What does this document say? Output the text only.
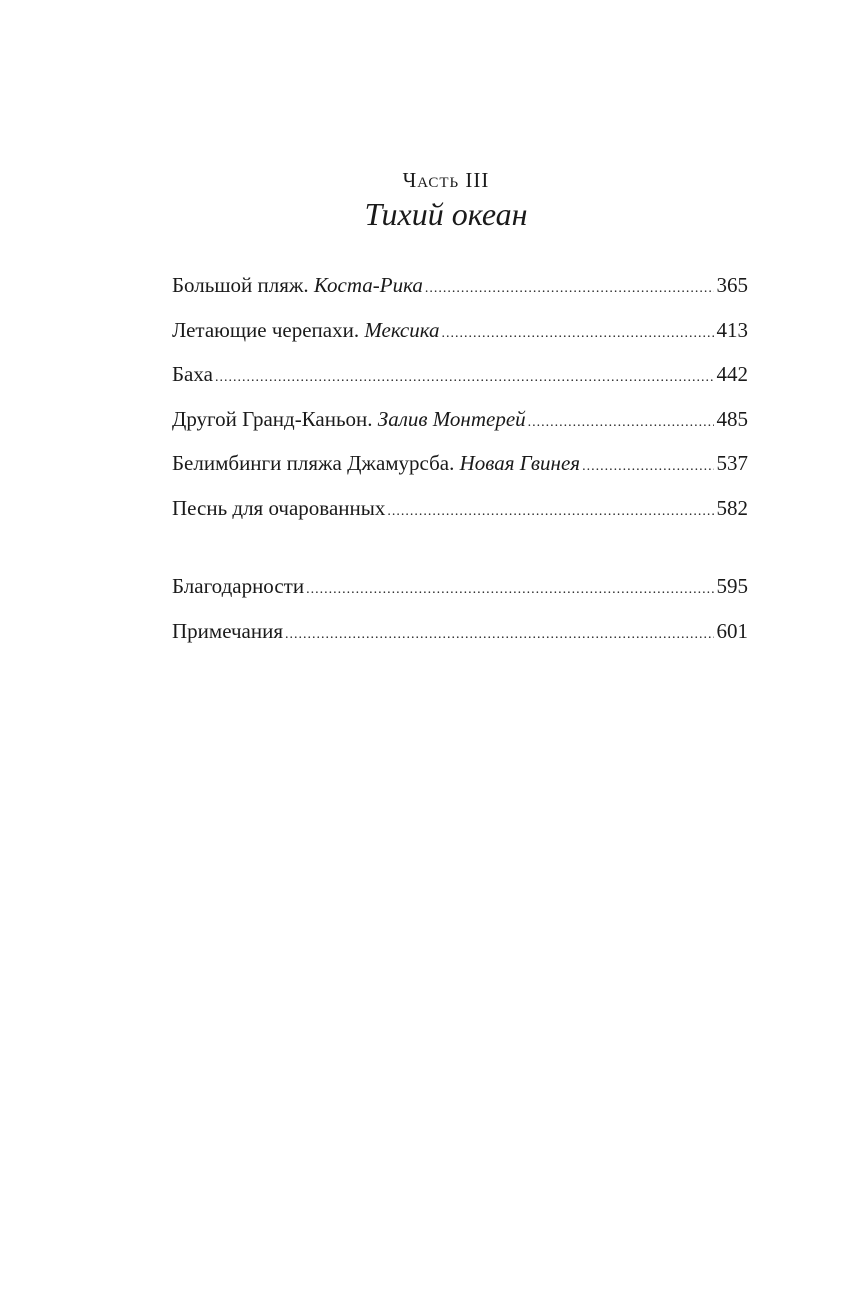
Часть III
Тихий океан
Большой пляж. Коста-Рика .....	365
Летающие черепахи. Мексика .....	413
Баха .....	442
Другой Гранд-Каньон. Залив Монтерей .....	485
Белимбинги пляжа Джамурсба. Новая Гвинея .....	537
Песнь для очарованных .....	582
Благодарности .....	595
Примечания .....	601
